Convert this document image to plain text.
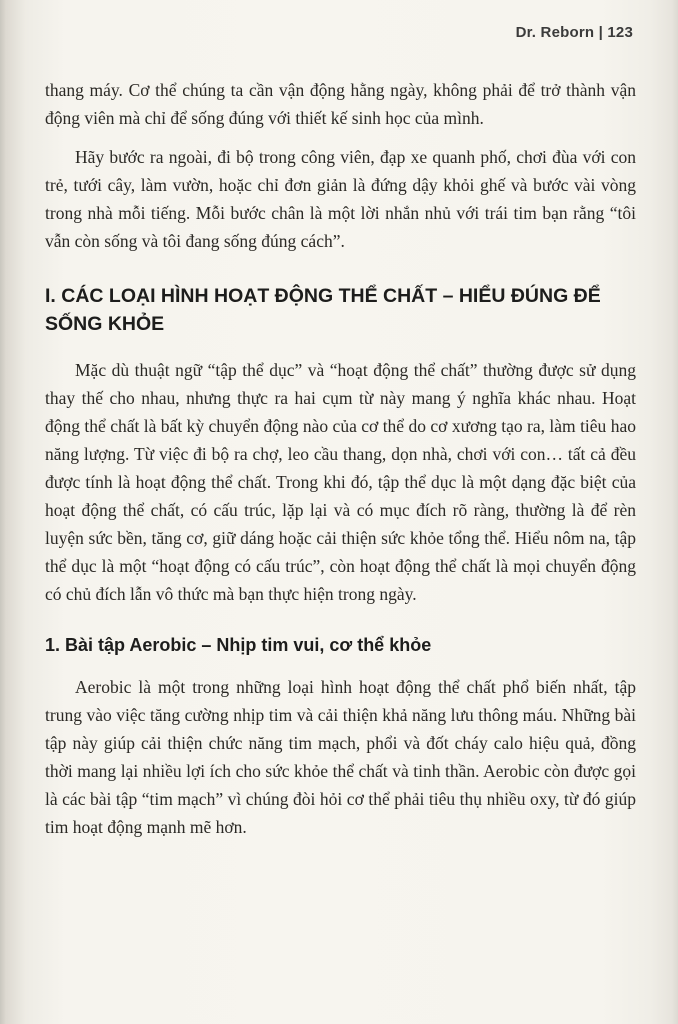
Dr. Reborn | 123

thang máy. Cơ thể chúng ta cần vận động hằng ngày, không phải để trở thành vận động viên mà chỉ để sống đúng với thiết kế sinh học của mình.

Hãy bước ra ngoài, đi bộ trong công viên, đạp xe quanh phố, chơi đùa với con trẻ, tưới cây, làm vườn, hoặc chỉ đơn giản là đứng dậy khỏi ghế và bước vài vòng trong nhà mỗi tiếng. Mỗi bước chân là một lời nhắn nhủ với trái tim bạn rằng “tôi vẫn còn sống và tôi đang sống đúng cách”.

I. CÁC LOẠI HÌNH HOẠT ĐỘNG THỂ CHẤT – HIỂU ĐÚNG ĐỂ SỐNG KHỎE

Mặc dù thuật ngữ “tập thể dục” và “hoạt động thể chất” thường được sử dụng thay thế cho nhau, nhưng thực ra hai cụm từ này mang ý nghĩa khác nhau. Hoạt động thể chất là bất kỳ chuyển động nào của cơ thể do cơ xương tạo ra, làm tiêu hao năng lượng. Từ việc đi bộ ra chợ, leo cầu thang, dọn nhà, chơi với con… tất cả đều được tính là hoạt động thể chất. Trong khi đó, tập thể dục là một dạng đặc biệt của hoạt động thể chất, có cấu trúc, lặp lại và có mục đích rõ ràng, thường là để rèn luyện sức bền, tăng cơ, giữ dáng hoặc cải thiện sức khỏe tổng thể. Hiểu nôm na, tập thể dục là một “hoạt động có cấu trúc”, còn hoạt động thể chất là mọi chuyển động có chủ đích lẫn vô thức mà bạn thực hiện trong ngày.

1. Bài tập Aerobic – Nhịp tim vui, cơ thể khỏe

Aerobic là một trong những loại hình hoạt động thể chất phổ biến nhất, tập trung vào việc tăng cường nhịp tim và cải thiện khả năng lưu thông máu. Những bài tập này giúp cải thiện chức năng tim mạch, phổi và đốt cháy calo hiệu quả, đồng thời mang lại nhiều lợi ích cho sức khỏe thể chất và tinh thần. Aerobic còn được gọi là các bài tập “tim mạch” vì chúng đòi hỏi cơ thể phải tiêu thụ nhiều oxy, từ đó giúp tim hoạt động mạnh mẽ hơn.
